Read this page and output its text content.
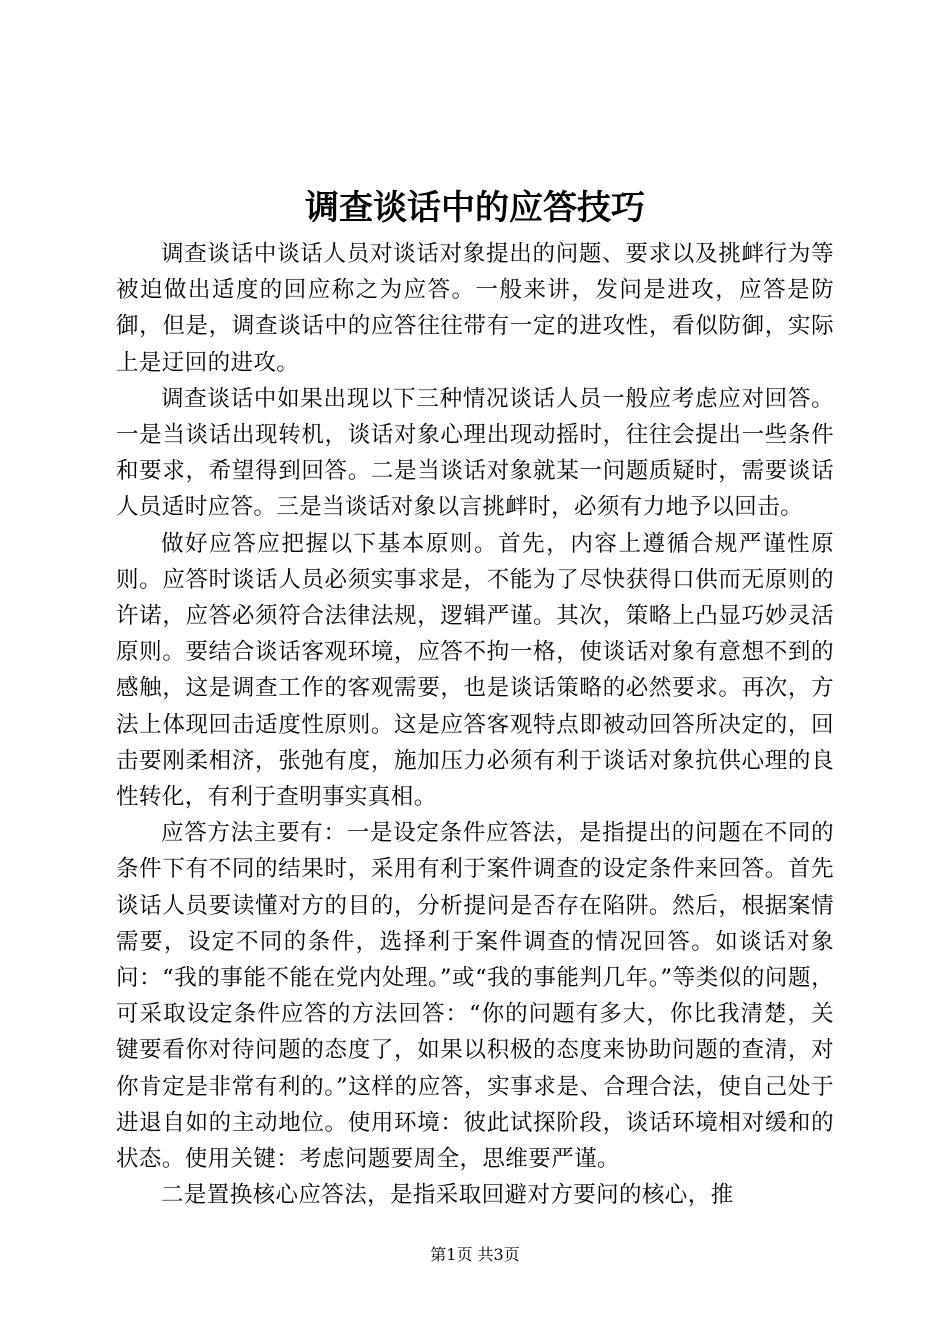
调查谈话中的应答技巧

调查谈话中谈话人员对谈话对象提出的问题、要求以及挑衅行为等被迫做出适度的回应称之为应答。一般来讲，发问是进攻，应答是防御，但是，调查谈话中的应答往往带有一定的进攻性，看似防御，实际上是迂回的进攻。

调查谈话中如果出现以下三种情况谈话人员一般应考虑应对回答。一是当谈话出现转机，谈话对象心理出现动摇时，往往会提出一些条件和要求，希望得到回答。二是当谈话对象就某一问题质疑时，需要谈话人员适时应答。三是当谈话对象以言挑衅时，必须有力地予以回击。

做好应答应把握以下基本原则。首先，内容上遵循合规严谨性原则。应答时谈话人员必须实事求是，不能为了尽快获得口供而无原则的许诺，应答必须符合法律法规，逻辑严谨。其次，策略上凸显巧妙灵活原则。要结合谈话客观环境，应答不拘一格，使谈话对象有意想不到的感触，这是调查工作的客观需要，也是谈话策略的必然要求。再次，方法上体现回击适度性原则。这是应答客观特点即被动回答所决定的，回击要刚柔相济，张弛有度，施加压力必须有利于谈话对象抗供心理的良性转化，有利于查明事实真相。

应答方法主要有：一是设定条件应答法，是指提出的问题在不同的条件下有不同的结果时，采用有利于案件调查的设定条件来回答。首先谈话人员要读懂对方的目的，分析提问是否存在陷阱。然后，根据案情需要，设定不同的条件，选择利于案件调查的情况回答。如谈话对象问：“我的事能不能在党内处理。”或“我的事能判几年。”等类似的问题，可采取设定条件应答的方法回答：“你的问题有多大，你比我清楚，关键要看你对待问题的态度了，如果以积极的态度来协助问题的查清，对你肯定是非常有利的。”这样的应答，实事求是、合理合法，使自己处于进退自如的主动地位。使用环境：彼此试探阶段，谈话环境相对缓和的状态。使用关键：考虑问题要周全，思维要严谨。

二是置换核心应答法，是指采取回避对方要问的核心，推

第1页 共3页
